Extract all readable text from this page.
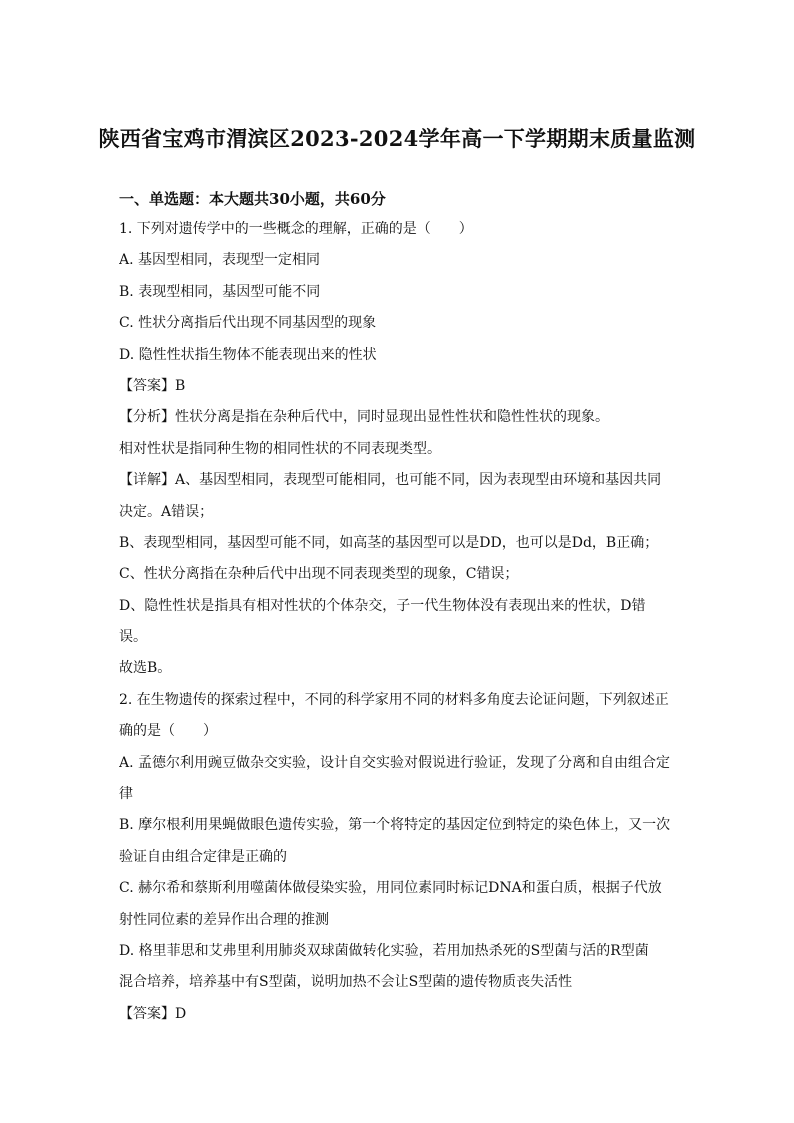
陕西省宝鸡市渭滨区2023-2024学年高一下学期期末质量监测
一、单选题：本大题共30小题，共60分
1. 下列对遗传学中的一些概念的理解，正确的是（　　）
A. 基因型相同，表现型一定相同
B. 表现型相同，基因型可能不同
C. 性状分离指后代出现不同基因型的现象
D. 隐性性状指生物体不能表现出来的性状
【答案】B
【分析】性状分离是指在杂种后代中，同时显现出显性性状和隐性性状的现象。
相对性状是指同种生物的相同性状的不同表现类型。
【详解】A、基因型相同，表现型可能相同，也可能不同，因为表现型由环境和基因共同
决定。A错误；
B、表现型相同，基因型可能不同，如高茎的基因型可以是DD，也可以是Dd，B正确；
C、性状分离指在杂种后代中出现不同表现类型的现象，C错误；
D、隐性性状是指具有相对性状的个体杂交，子一代生物体没有表现出来的性状，D错
误。
故选B。
2. 在生物遗传的探索过程中，不同的科学家用不同的材料多角度去论证问题，下列叙述正
确的是（　　）
A. 孟德尔利用豌豆做杂交实验，设计自交实验对假说进行验证，发现了分离和自由组合定
律
B. 摩尔根利用果蝇做眼色遗传实验，第一个将特定的基因定位到特定的染色体上，又一次
验证自由组合定律是正确的
C. 赫尔希和蔡斯利用噬菌体做侵染实验，用同位素同时标记DNA和蛋白质，根据子代放
射性同位素的差异作出合理的推测
D. 格里菲思和艾弗里利用肺炎双球菌做转化实验，若用加热杀死的S型菌与活的R型菌
混合培养，培养基中有S型菌，说明加热不会让S型菌的遗传物质丧失活性
【答案】D
